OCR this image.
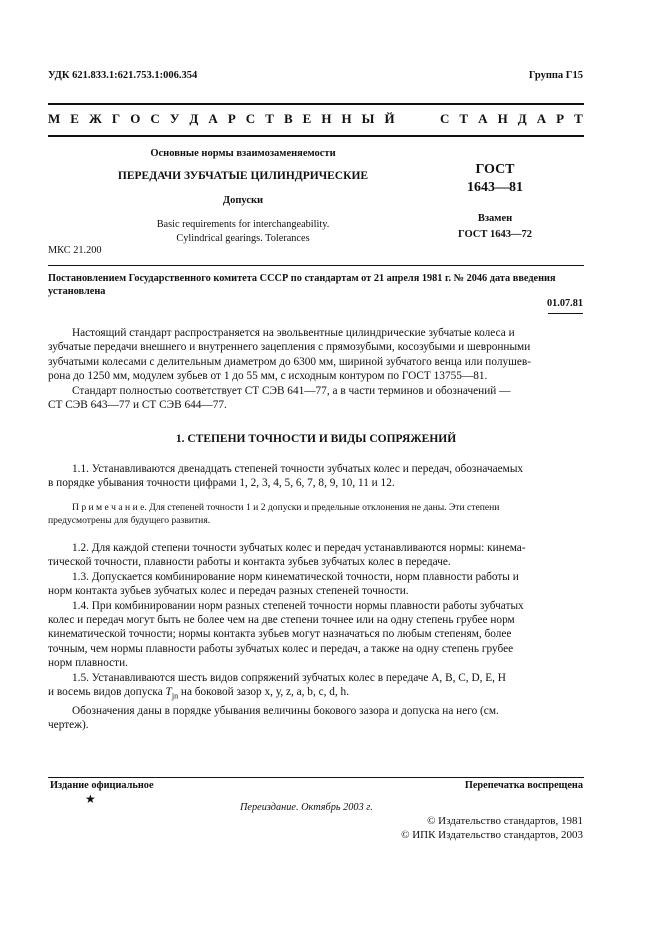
УДК 621.833.1:621.753.1:006.354	Группа Г15
М Е Ж Г О С У Д А Р С Т В Е Н Н Ы Й     С Т А Н Д А Р Т
Основные нормы взаимозаменяемости
ПЕРЕДАЧИ ЗУБЧАТЫЕ ЦИЛИНДРИЧЕСКИЕ
Допуски
Basic requirements for interchangeability.
Cylindrical gearings. Tolerances
МКС 21.200
ГОСТ
1643—81
Взамен
ГОСТ 1643—72
Постановлением Государственного комитета СССР по стандартам от 21 апреля 1981 г. № 2046 дата введения
установлена
01.07.81
Настоящий стандарт распространяется на эвольвентные цилиндрические зубчатые колеса и
зубчатые передачи внешнего и внутреннего зацепления с прямозубыми, косозубыми и шевронными
зубчатыми колесами с делительным диаметром до 6300 мм, шириной зубчатого венца или полушев-
рона до 1250 мм, модулем зубьев от 1 до 55 мм, с исходным контуром по ГОСТ 13755—81.
Стандарт полностью соответствует СТ СЭВ 641—77, а в части терминов и обозначений —
СТ СЭВ 643—77 и СТ СЭВ 644—77.
1. СТЕПЕНИ ТОЧНОСТИ И ВИДЫ СОПРЯЖЕНИЙ
1.1. Устанавливаются двенадцать степеней точности зубчатых колес и передач, обозначаемых
в порядке убывания точности цифрами 1, 2, 3, 4, 5, 6, 7, 8, 9, 10, 11 и 12.
П р и м е ч а н и е. Для степеней точности 1 и 2 допуски и предельные отклонения не даны. Эти степени
предусмотрены для будущего развития.
1.2. Для каждой степени точности зубчатых колес и передач устанавливаются нормы: кинема-
тической точности, плавности работы и контакта зубьев зубчатых колес в передаче.
1.3. Допускается комбинирование норм кинематической точности, норм плавности работы и
норм контакта зубьев зубчатых колес и передач разных степеней точности.
1.4. При комбинировании норм разных степеней точности нормы плавности работы зубчатых
колес и передач могут быть не более чем на две степени точнее или на одну степень грубее норм
кинематической точности; нормы контакта зубьев могут назначаться по любым степеням, более
точным, чем нормы плавности работы зубчатых колес и передач, а также на одну степень грубее
норм плавности.
1.5. Устанавливаются шесть видов сопряжений зубчатых колес в передаче А, В, С, D, Е, Н
и восемь видов допуска $T_{jn}$ на боковой зазор x, у, z, а, b, с, d, h.
Обозначения даны в порядке убывания величины бокового зазора и допуска на него (см.
чертеж).
Издание официальное
★
Перепечатка воспрещена
Переиздание. Октябрь 2003 г.
© Издательство стандартов, 1981
© ИПК Издательство стандартов, 2003
